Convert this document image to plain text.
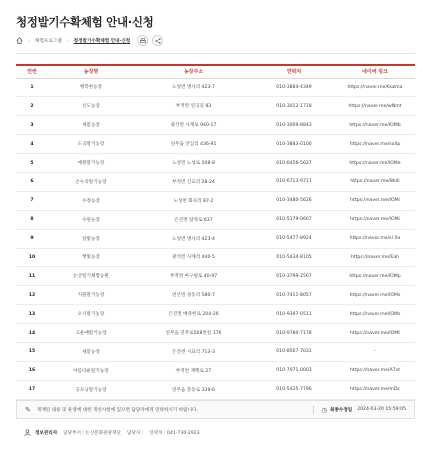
청정발기수확체험 안내·신청
› 체험프로그램 › 청정발기수확체험 안내·신청
연번	농장명	농장주소	연락처	네이버 링크
1	행복한농장	노성면 병사리 423-7	010-3884-4349	https://naver.me/6ozma
2	신도농장	부적면 연곡길 83	010-3012-1718	https://naver.me/wNmt
3	새봄농장	광석면 사계로 940-17	010-3009-8843	https://naver.me/lOMb
4	도곡딸기농장	연무읍 안심리 436-91	010-3883-0100	https://naver.me/so4p
5	예원딸기농장	노성면 노성로 508-8	010-6456-5627	https://naver.me/lOMe
6	온누리딸기농장	부적면 신교리 28-24	010-6713-9711	https://naver.me/8kdi
7	수정농장	노성면 화곡리 87-2	010-3480-5626	https://naver.me/lOMi
8	수원농장	은진면 탑정로 637	010-5179-0667	https://naver.me/lOMi
9	알빛농장	노성면 병사리 423-4	010-5477-8924	https://naver.me/sI Xa
10	햇빛농장	광석면 사계리 440-5	010-5434-8105	https://naver.me/Eah
11	논산딸기체험농원	부적면 마구평로 40-97	010-3799-2567	https://naver.me/lOMp
12	지원딸기농장	연산면 청동리 580-7	010-7411-8057	https://naver.me/lOMs
13	오사딸기농장	은진면 매죽헌로 204-26	010-9397-0511	https://naver.me/lOMs
14	고운애딸기농장	연무읍 연무로508번길 176	010-9780-7178	https://naver.me/lOMt
15	새봄농장	은진면 시묘리 713-3	010-8567-7031	-
16	아름다운딸기농장	부적면 계백로 27	010-7071-0003	https://naver.me/A7vt
17	굿모닝딸기농장	연무읍 봉동로 339-6	010-5435-7796	https://naver.me/mDc
✎ 게재된 내용 및 운영에 대한 개선사항에 있으면 담당자에게 연락하시기 바랍니다.	◷ 최종수정일 2024-03-20 15:59:05
정보관리자 담당부서 : 논산문화관광재단 담당자 : 연락처 : 041-730-2923
